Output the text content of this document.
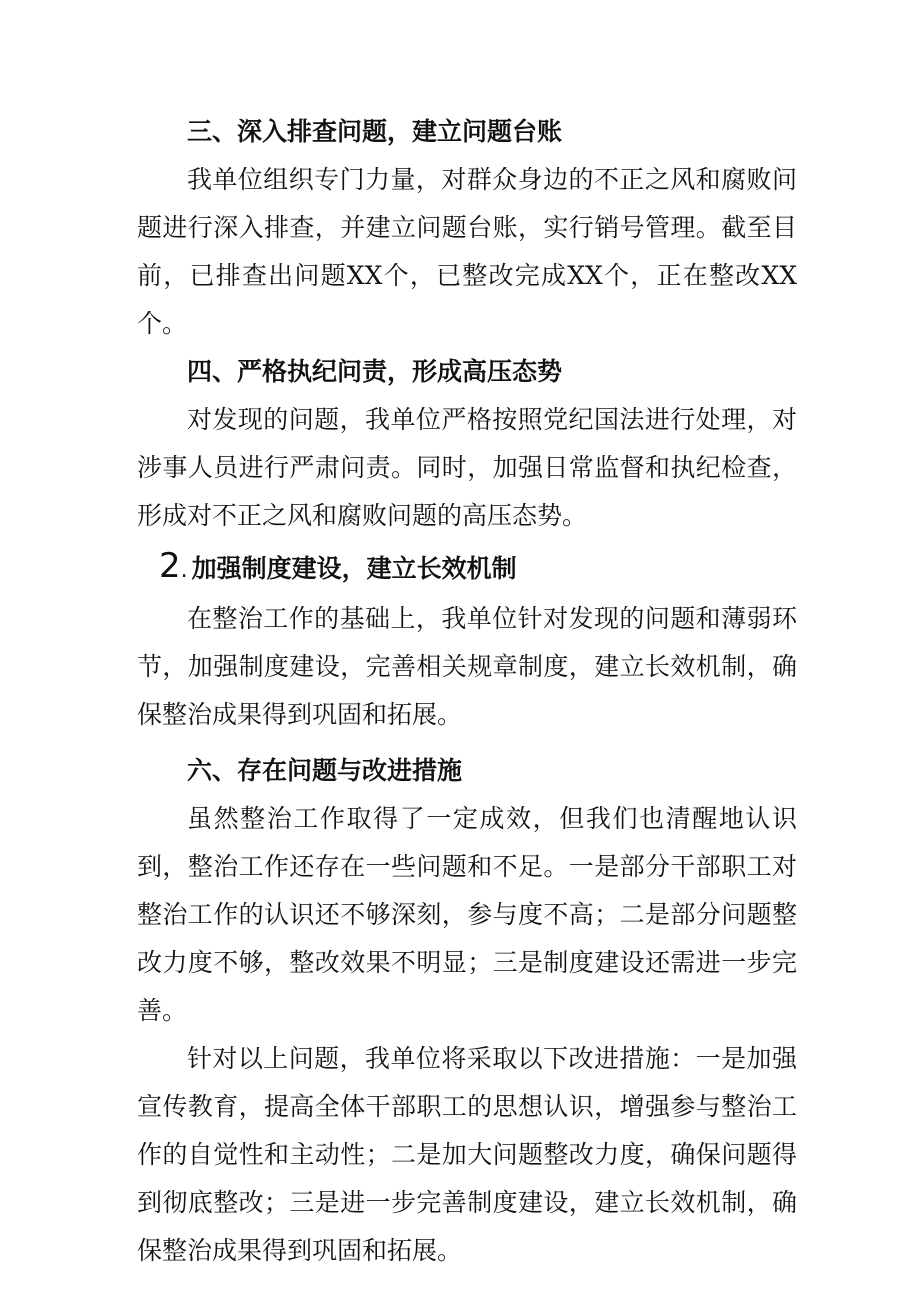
三、深入排查问题，建立问题台账

我单位组织专门力量，对群众身边的不正之风和腐败问题进行深入排查，并建立问题台账，实行销号管理。截至目前，已排查出问题XX个，已整改完成XX个，正在整改XX个。

四、严格执纪问责，形成高压态势

对发现的问题，我单位严格按照党纪国法进行处理，对涉事人员进行严肃问责。同时，加强日常监督和执纪检查，形成对不正之风和腐败问题的高压态势。

2. 加强制度建设，建立长效机制

在整治工作的基础上，我单位针对发现的问题和薄弱环节，加强制度建设，完善相关规章制度，建立长效机制，确保整治成果得到巩固和拓展。

六、存在问题与改进措施

虽然整治工作取得了一定成效，但我们也清醒地认识到，整治工作还存在一些问题和不足。一是部分干部职工对整治工作的认识还不够深刻，参与度不高；二是部分问题整改力度不够，整改效果不明显；三是制度建设还需进一步完善。

针对以上问题，我单位将采取以下改进措施：一是加强宣传教育，提高全体干部职工的思想认识，增强参与整治工作的自觉性和主动性；二是加大问题整改力度，确保问题得到彻底整改；三是进一步完善制度建设，建立长效机制，确保整治成果得到巩固和拓展。
